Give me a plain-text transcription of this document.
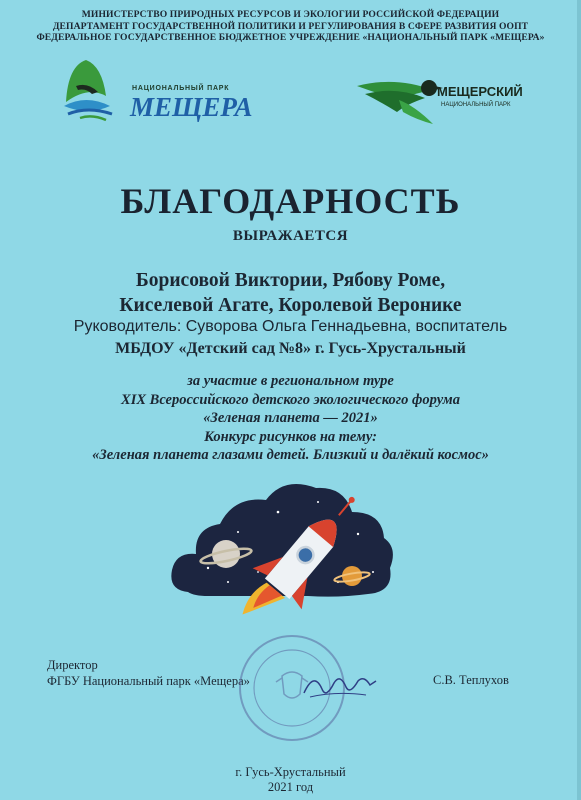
МИНИСТЕРСТВО ПРИРОДНЫХ РЕСУРСОВ И ЭКОЛОГИИ РОССИЙСКОЙ ФЕДЕРАЦИИ
ДЕПАРТАМЕНТ ГОСУДАРСТВЕННОЙ ПОЛИТИКИ И РЕГУЛИРОВАНИЯ В СФЕРЕ РАЗВИТИЯ ООПТ
ФЕДЕРАЛЬНОЕ ГОСУДАРСТВЕННОЕ БЮДЖЕТНОЕ УЧРЕЖДЕНИЕ «НАЦИОНАЛЬНЫЙ ПАРК «МЕЩЕРА»
НАЦИОНАЛЬНЫЙ ПАРК
МЕЩЕРА
МЕЩЕРСКИЙ
НАЦИОНАЛЬНЫЙ ПАРК
БЛАГОДАРНОСТЬ
ВЫРАЖАЕТСЯ
Борисовой Виктории, Рябову Роме,
Киселевой Агате, Королевой Веронике
Руководитель: Суворова Ольга Геннадьевна, воспитатель
МБДОУ «Детский сад №8» г. Гусь-Хрустальный
за участие в региональном туре
XIX Всероссийского детского экологического форума
«Зеленая планета — 2021»
Конкурс рисунков на тему:
«Зеленая планета глазами детей. Близкий и далёкий космос»
Директор
ФГБУ Национальный парк «Мещера»	С.В. Теплухов
г. Гусь-Хрустальный
2021 год
